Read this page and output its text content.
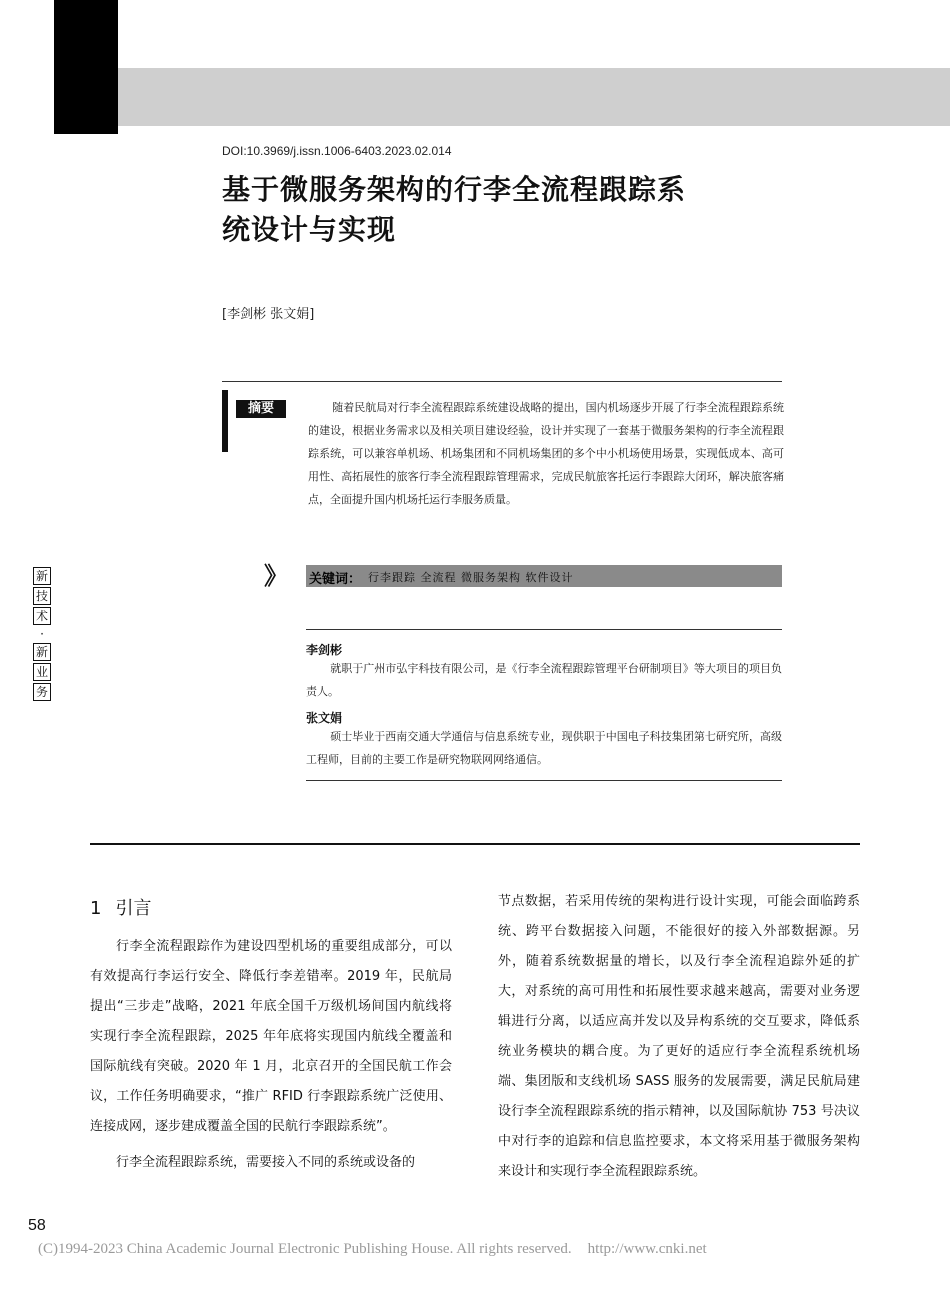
DOI:10.3969/j.issn.1006-6403.2023.02.014
基于微服务架构的行李全流程跟踪系
统设计与实现
[李剑彬 张文娟]
摘要	随着民航局对行李全流程跟踪系统建设战略的提出，国内机场逐步开展了行李全流程跟踪系统的建设，根据业务需求以及相关项目建设经验，设计并实现了一套基于微服务架构的行李全流程跟踪系统，可以兼容单机场、机场集团和不同机场集团的多个中小机场使用场景，实现低成本、高可用性、高拓展性的旅客行李全流程跟踪管理需求，完成民航旅客托运行李跟踪大闭环，解决旅客痛点，全面提升国内机场托运行李服务质量。
》 关键词： 行李跟踪 全流程 微服务架构 软件设计
李剑彬
就职于广州市弘宇科技有限公司，是《行李全流程跟踪管理平台研制项目》等大项目的项目负责人。
张文娟
硕士毕业于西南交通大学通信与信息系统专业，现供职于中国电子科技集团第七研究所，高级工程师，目前的主要工作是研究物联网网络通信。
新
技
术
·
新
业
务
1 引言

行李全流程跟踪作为建设四型机场的重要组成部分，可以有效提高行李运行安全、降低行李差错率。2019 年，民航局提出“三步走”战略，2021 年底全国千万级机场间国内航线将实现行李全流程跟踪，2025 年年底将实现国内航线全覆盖和国际航线有突破。2020 年 1 月，北京召开的全国民航工作会议，工作任务明确要求，“推广 RFID 行李跟踪系统广泛使用、连接成网，逐步建成覆盖全国的民航行李跟踪系统”。

行李全流程跟踪系统，需要接入不同的系统或设备的

节点数据，若采用传统的架构进行设计实现，可能会面临跨系统、跨平台数据接入问题，不能很好的接入外部数据源。另外，随着系统数据量的增长，以及行李全流程追踪外延的扩大，对系统的高可用性和拓展性要求越来越高，需要对业务逻辑进行分离，以适应高并发以及异构系统的交互要求，降低系统业务模块的耦合度。为了更好的适应行李全流程系统机场端、集团版和支线机场 SASS 服务的发展需要，满足民航局建设行李全流程跟踪系统的指示精神，以及国际航协 753 号决议中对行李的追踪和信息监控要求，本文将采用基于微服务架构来设计和实现行李全流程跟踪系统。

58
(C)1994-2023 China Academic Journal Electronic Publishing House. All rights reserved. http://www.cnki.net
